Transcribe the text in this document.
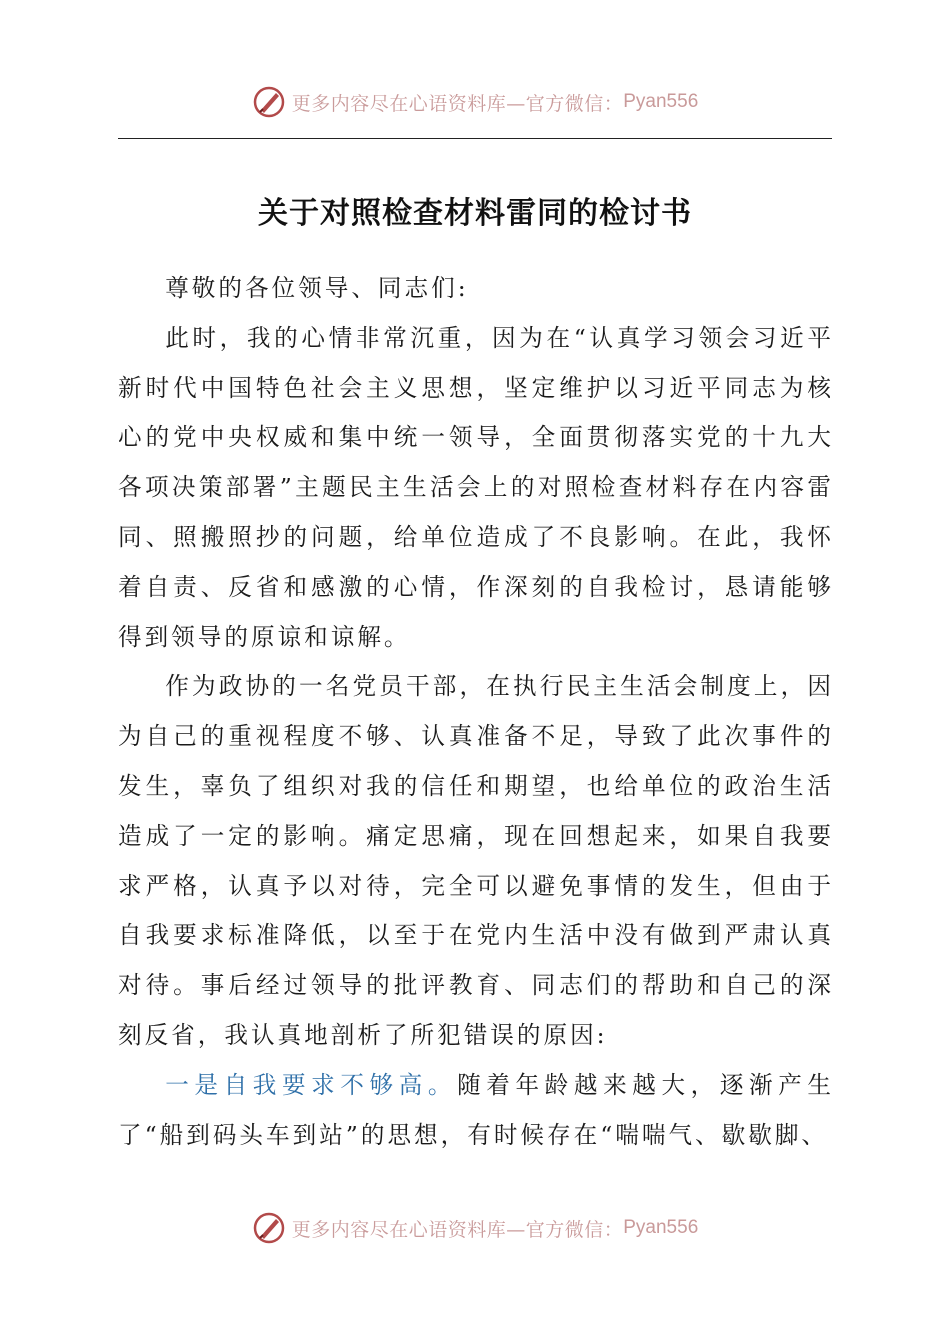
更多内容尽在心语资料库—官方微信： Pyan556
关于对照检查材料雷同的检讨书

尊敬的各位领导、同志们:

此时，我的心情非常沉重，因为在“认真学习领会习近平新时代中国特色社会主义思想，坚定维护以习近平同志为核心的党中央权威和集中统一领导，全面贯彻落实党的十九大各项决策部署”主题民主生活会上的对照检查材料存在内容雷同、照搬照抄的问题，给单位造成了不良影响。在此，我怀着自责、反省和感激的心情，作深刻的自我检讨，恳请能够得到领导的原谅和谅解。

作为政协的一名党员干部，在执行民主生活会制度上，因为自己的重视程度不够、认真准备不足，导致了此次事件的发生，辜负了组织对我的信任和期望，也给单位的政治生活造成了一定的影响。痛定思痛，现在回想起来，如果自我要求严格，认真予以对待，完全可以避免事情的发生，但由于自我要求标准降低，以至于在党内生活中没有做到严肃认真对待。事后经过领导的批评教育、同志们的帮助和自己的深刻反省，我认真地剖析了所犯错误的原因:

一是自我要求不够高。随着年龄越来越大，逐渐产生了“船到码头车到站”的思想，有时候存在“喘喘气、歇歇脚、

更多内容尽在心语资料库—官方微信： Pyan556
